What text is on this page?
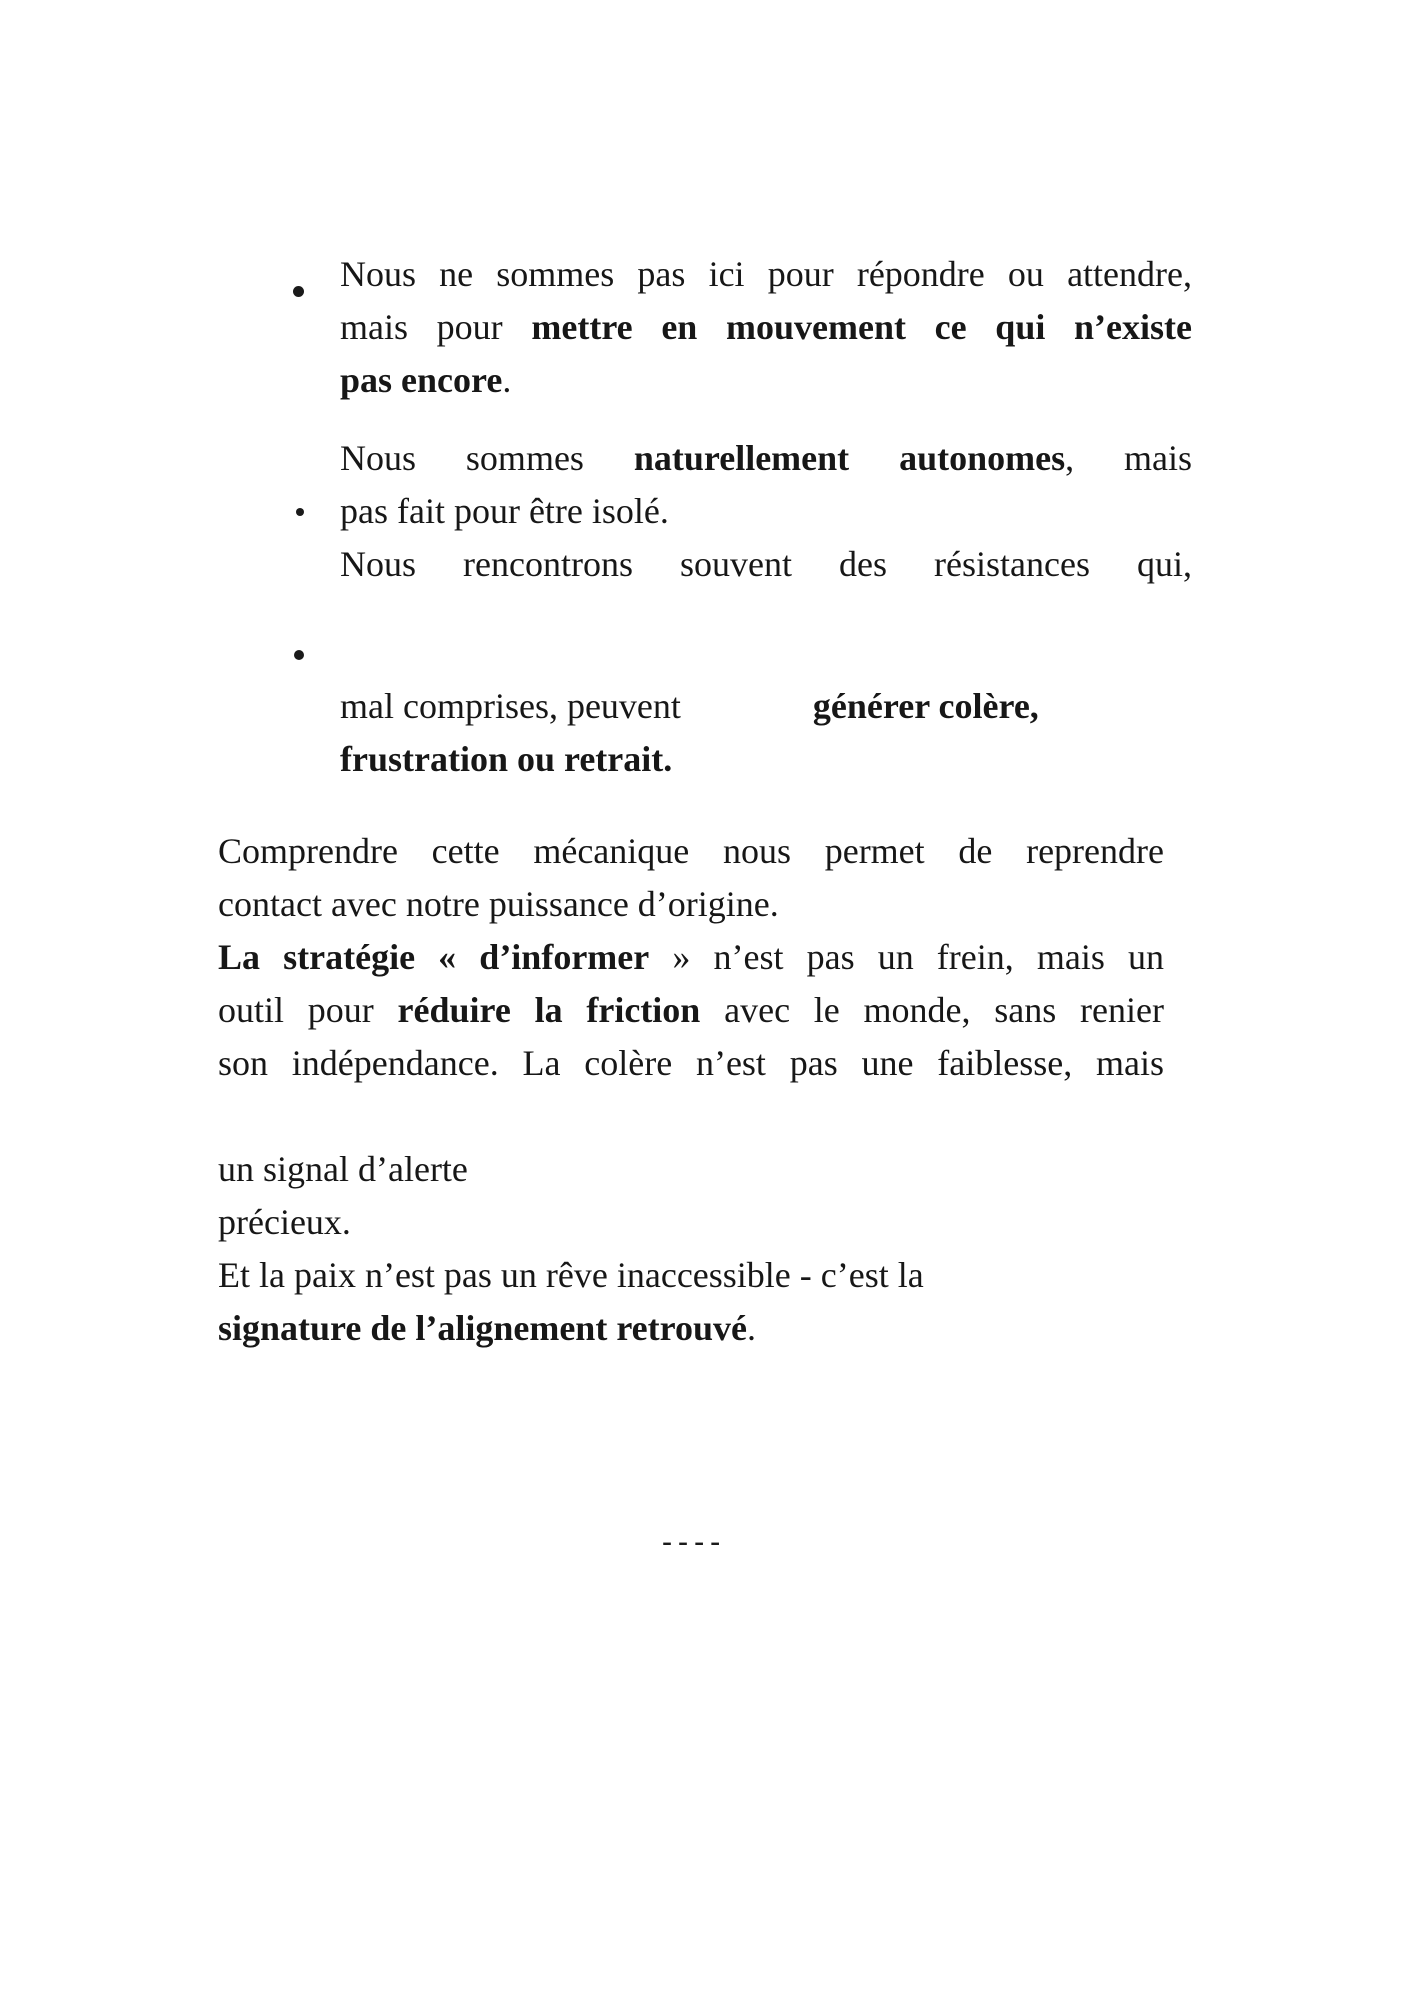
Nous ne sommes pas ici pour répondre ou attendre,
mais pour mettre en mouvement ce qui n’existe
pas encore.
Nous sommes naturellement autonomes, mais
pas fait pour être isolé.
Nous rencontrons souvent des résistances qui,
mal comprises, peuvent	générer colère,
frustration ou retrait.
Comprendre cette mécanique nous permet de reprendre
contact avec notre puissance d’origine.
La stratégie « d’informer » n’est pas un frein, mais un
outil pour réduire la friction avec le monde, sans renier
son indépendance. La colère n’est pas une faiblesse, mais
un signal d’alerte
précieux.
Et la paix n’est pas un rêve inaccessible - c’est la
signature de l’alignement retrouvé.
----
